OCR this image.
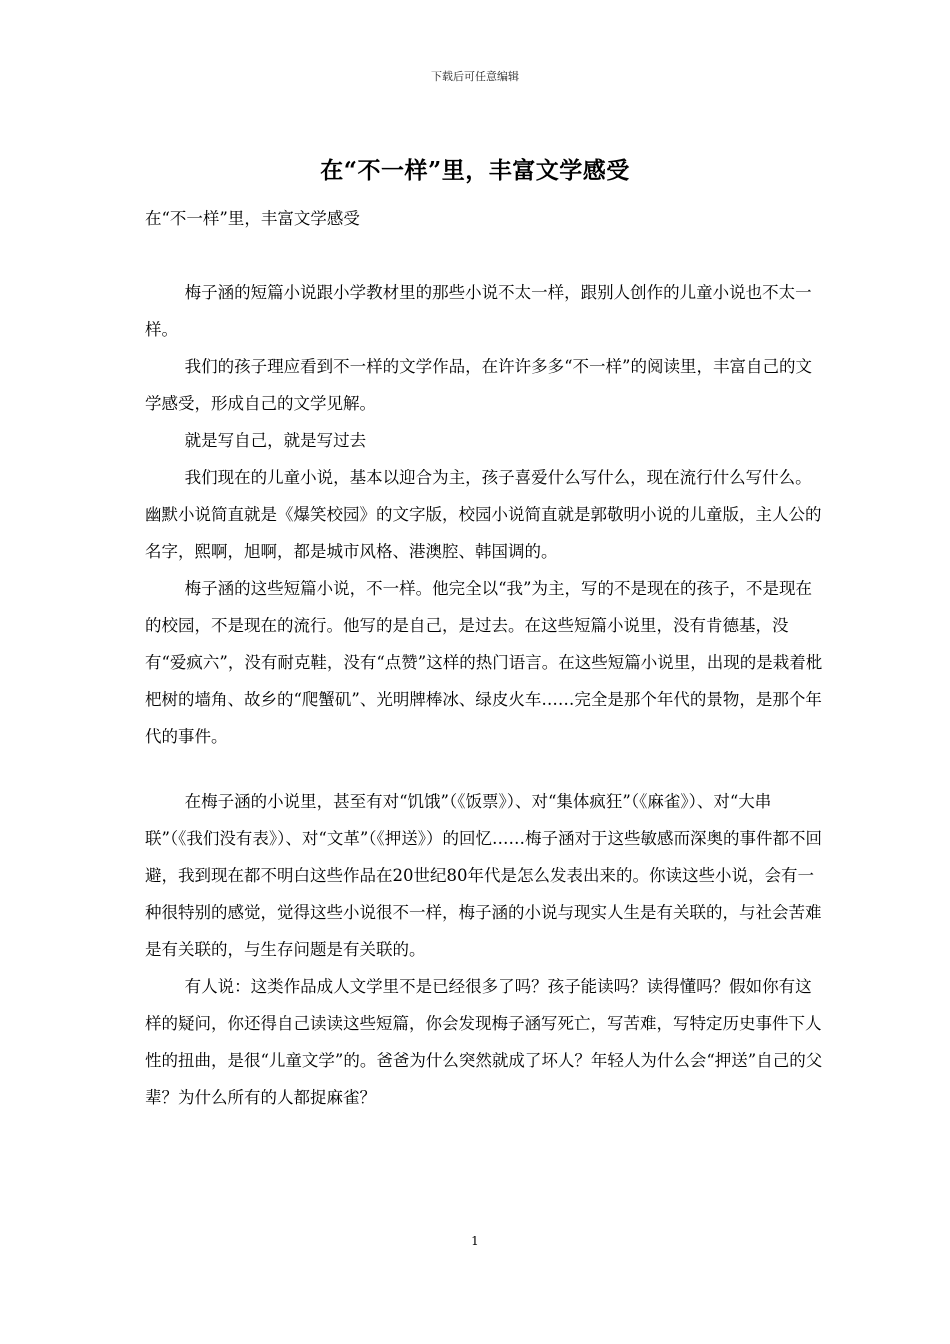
下载后可任意编辑
在“不一样”里，丰富文学感受

在“不一样”里，丰富文学感受

梅子涵的短篇小说跟小学教材里的那些小说不太一样，跟别人创作的儿童小说也不太一样。

我们的孩子理应看到不一样的文学作品，在许许多多“不一样”的阅读里，丰富自己的文学感受，形成自己的文学见解。

就是写自己，就是写过去

我们现在的儿童小说，基本以迎合为主，孩子喜爱什么写什么，现在流行什么写什么。幽默小说简直就是《爆笑校园》的文字版，校园小说简直就是郭敬明小说的儿童版，主人公的名字，熙啊，旭啊，都是城市风格、港澳腔、韩国调的。

梅子涵的这些短篇小说，不一样。他完全以“我”为主，写的不是现在的孩子，不是现在的校园，不是现在的流行。他写的是自己，是过去。在这些短篇小说里，没有肯德基，没有“爱疯六”，没有耐克鞋，没有“点赞”这样的热门语言。在这些短篇小说里，出现的是栽着枇杷树的墙角、故乡的“爬蟹矶”、光明牌棒冰、绿皮火车……完全是那个年代的景物，是那个年代的事件。

在梅子涵的小说里，甚至有对“饥饿”（《饭票》）、对“集体疯狂”（《麻雀》）、对“大串联”（《我们没有表》）、对“文革”（《押送》）的回忆……梅子涵对于这些敏感而深奥的事件都不回避，我到现在都不明白这些作品在20世纪80年代是怎么发表出来的。你读这些小说，会有一种很特别的感觉，觉得这些小说很不一样，梅子涵的小说与现实人生是有关联的，与社会苦难是有关联的，与生存问题是有关联的。

有人说：这类作品成人文学里不是已经很多了吗？孩子能读吗？读得懂吗？假如你有这样的疑问，你还得自己读读这些短篇，你会发现梅子涵写死亡，写苦难，写特定历史事件下人性的扭曲，是很“儿童文学”的。爸爸为什么突然就成了坏人？年轻人为什么会“押送”自己的父辈？为什么所有的人都捉麻雀？

1
